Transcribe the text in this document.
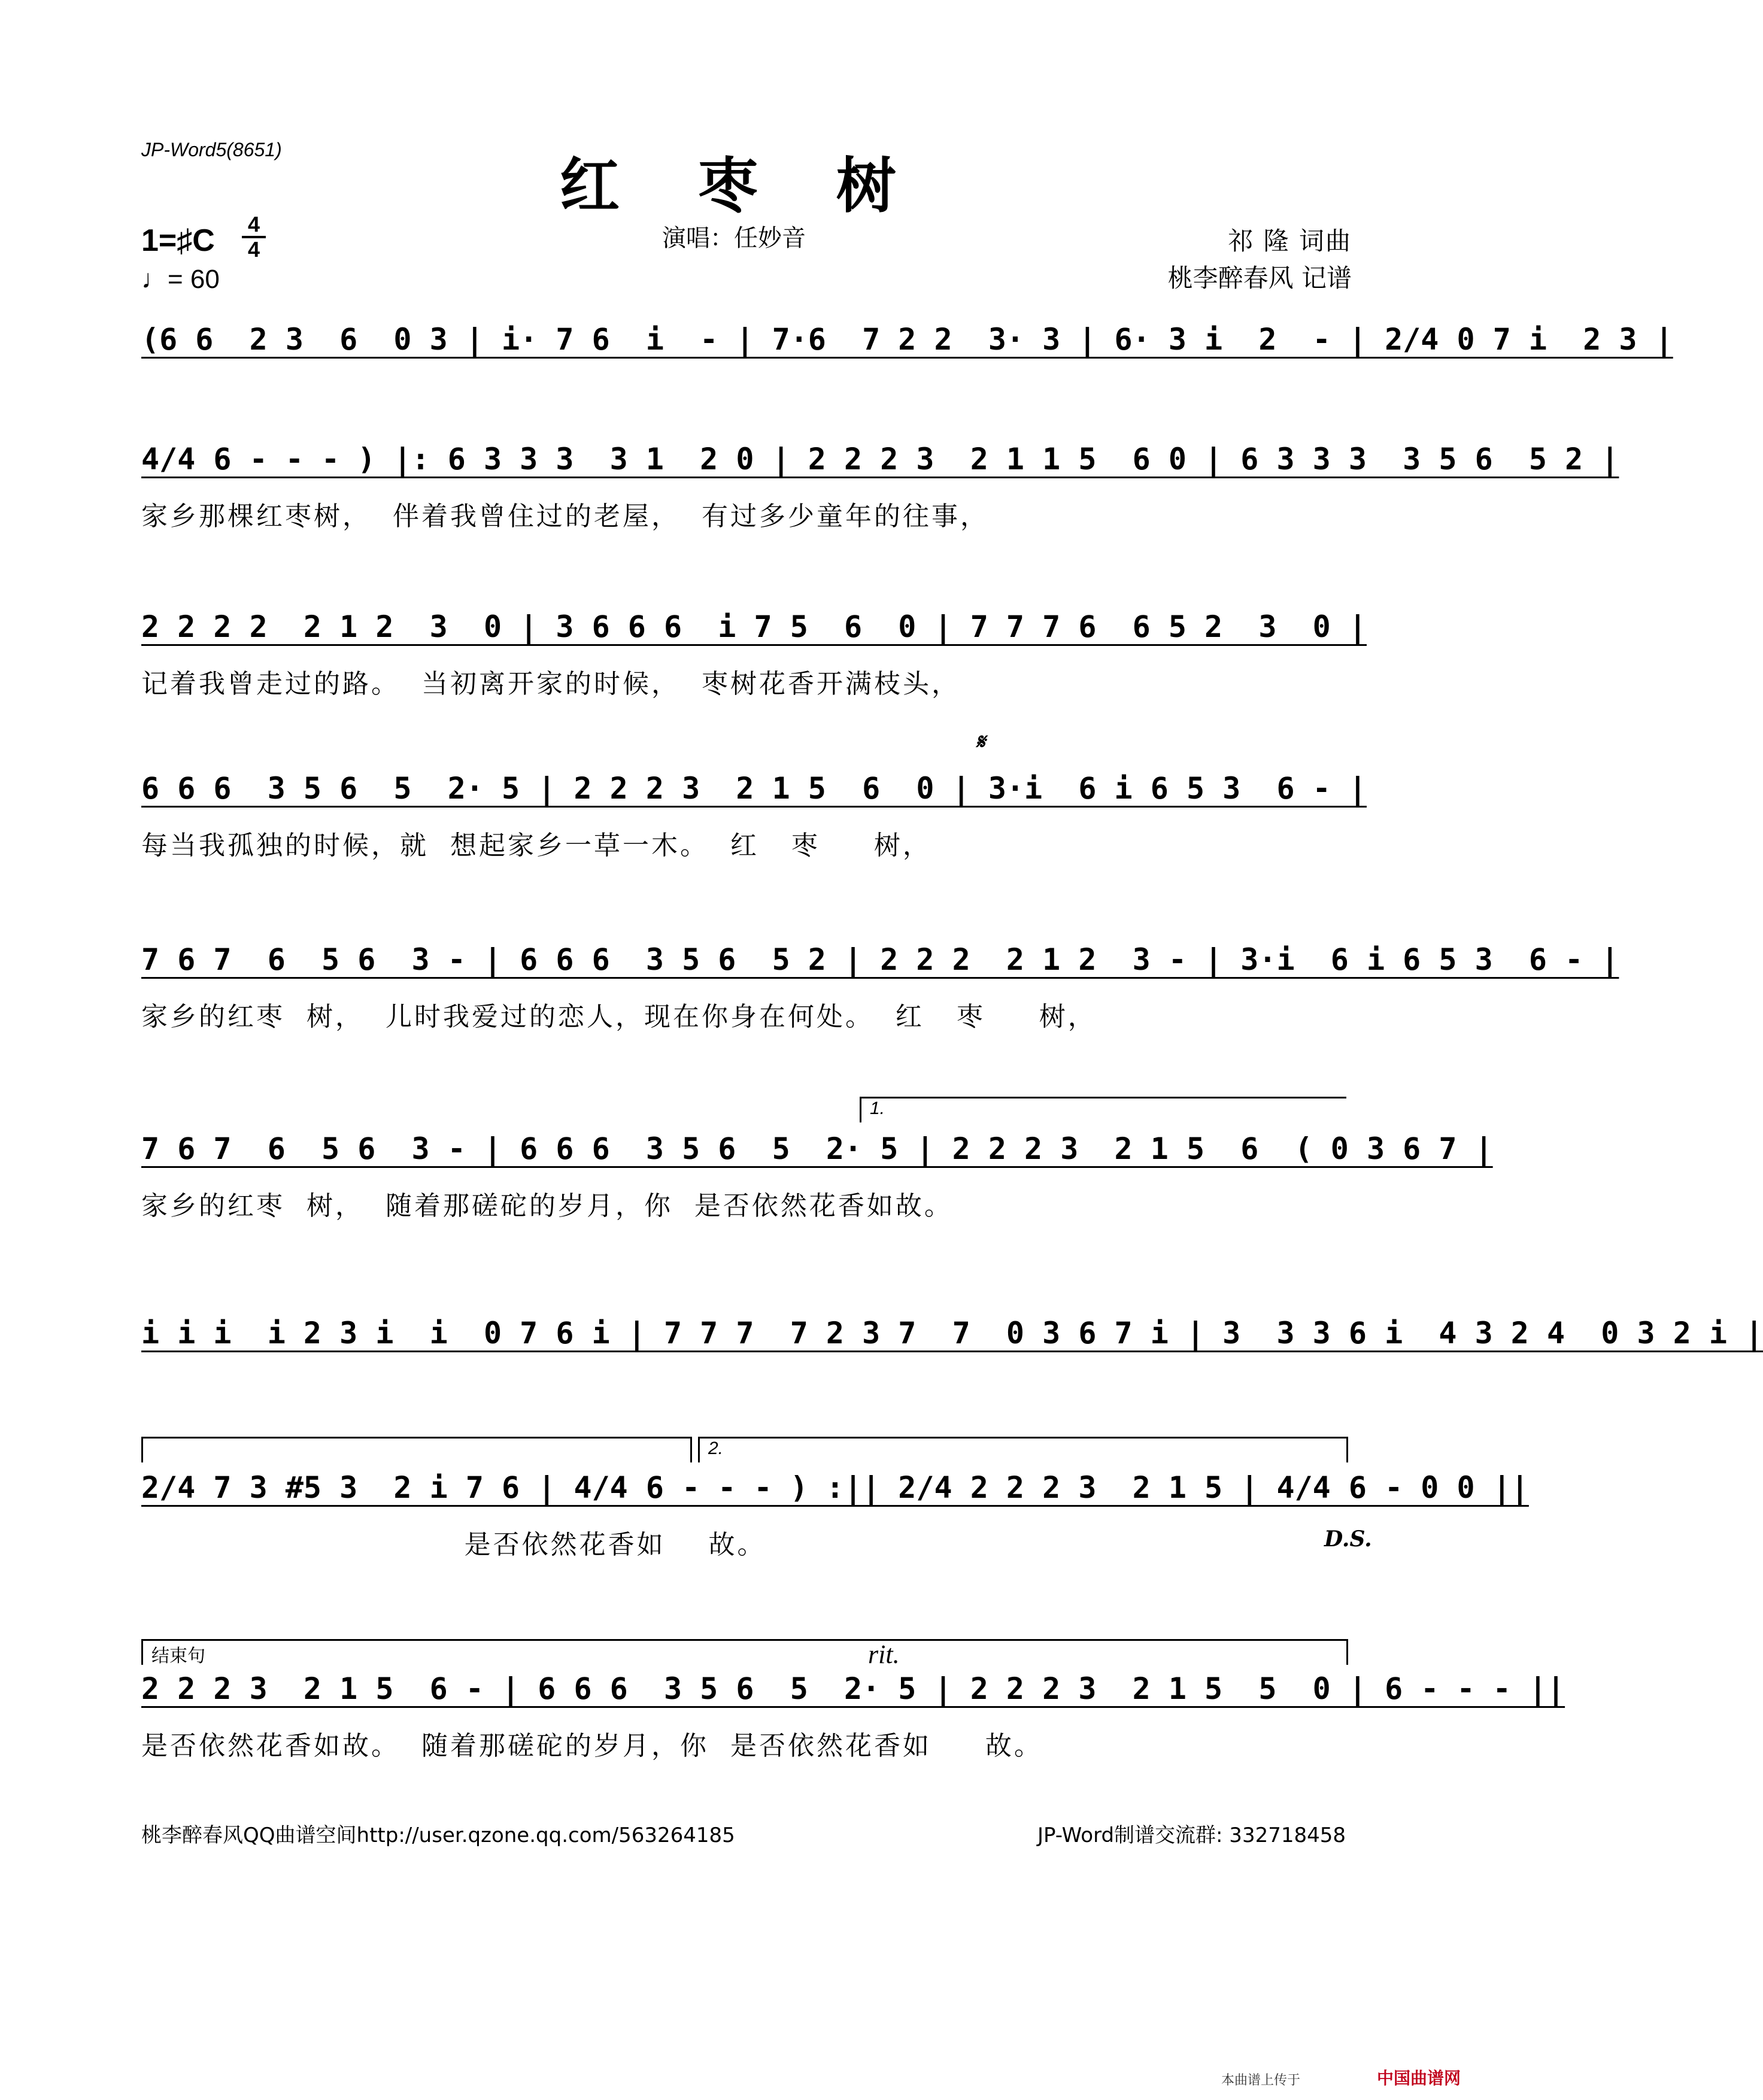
JP-Word5(8651)
红 枣 树
1=♯C 4
4
♩= 60
演唱：任妙音	祁 隆 词曲
桃李醉春风 记谱
(6 6  2 3  6  0 3 | i· 7 6  i  - | 7·6  7 2 2  3· 3 | 6· 3 i  2  - | 2/4 0 7 i  2 3 |
4/4 6 - - - ) |: 6 3 3 3  3 1  2 0 | 2 2 2 3  2 1 1 5  6 0 | 6 3 3 3  3 5 6  5 2 |
家乡那棵红枣树，  伴着我曾住过的老屋，  有过多少童年的往事，
2 2 2 2  2 1 2  3  0 | 3 6 6 6  i 7 5  6  0 | 7 7 7 6  6 5 2  3  0 |
记着我曾走过的路。  当初离开家的时候，  枣树花香开满枝头，
𝄋
6 6 6  3 5 6  5  2· 5 | 2 2 2 3  2 1 5  6  0 | 3·i  6 i 6 5 3  6 - |
每当我孤独的时候，就  想起家乡一草一木。  红   枣     树，
7 6 7  6  5 6  3 - | 6 6 6  3 5 6  5 2 | 2 2 2  2 1 2  3 - | 3·i  6 i 6 5 3  6 - |
家乡的红枣  树，  儿时我爱过的恋人，现在你身在何处。  红   枣     树，
1.
7 6 7  6  5 6  3 - | 6 6 6  3 5 6  5  2· 5 | 2 2 2 3  2 1 5  6  ( 0 3 6 7 |
家乡的红枣  树，  随着那磋砣的岁月，你  是否依然花香如故。
i i i  i 2 3 i  i  0 7 6 i | 7 7 7  7 2 3 7  7  0 3 6 7 i | 3  3 3 6 i  4 3 2 4  0 3 2 i |
2.
2/4 7 3 #5 3  2 i 7 6 | 4/4 6 - - - ) :|| 2/4 2 2 2 3  2 1 5 | 4/4 6 - 0 0 ||
是否依然花香如    故。	D.S.
结束句	rit.
2 2 2 3  2 1 5  6 - | 6 6 6  3 5 6  5  2· 5 | 2 2 2 3  2 1 5  5  0 | 6 - - - ||
是否依然花香如故。  随着那磋砣的岁月，你  是否依然花香如     故。
桃李醉春风QQ曲谱空间http://user.qzone.qq.com/563264185	JP-Word制谱交流群: 332718458
本曲谱上传于	中国曲谱网
